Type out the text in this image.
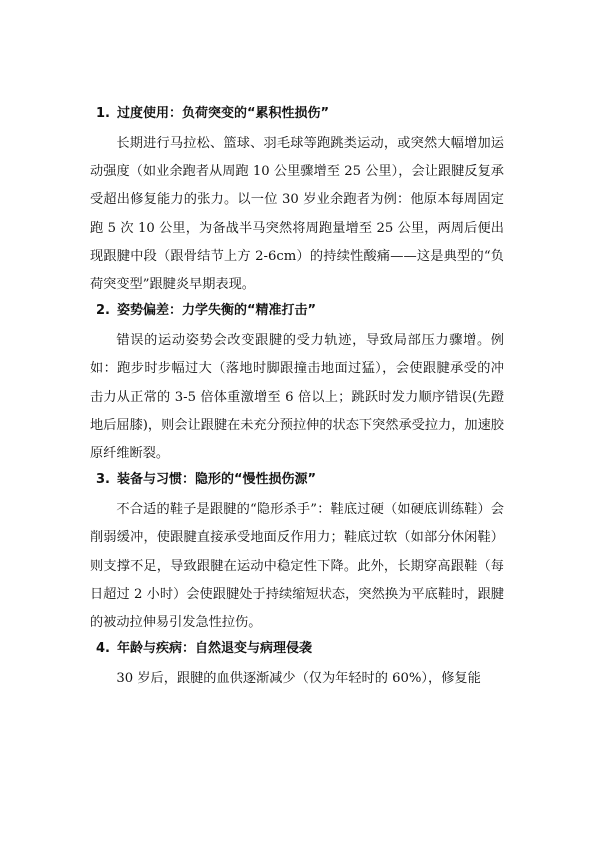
1. 过度使用：负荷突变的“累积性损伤”

长期进行马拉松、篮球、羽毛球等跑跳类运动，或突然大幅增加运动强度（如业余跑者从周跑 10 公里骤增至 25 公里），会让跟腱反复承受超出修复能力的张力。以一位 30 岁业余跑者为例：他原本每周固定跑 5 次 10 公里，为备战半马突然将周跑量增至 25 公里，两周后便出现跟腱中段（跟骨结节上方 2-6cm）的持续性酸痛——这是典型的“负荷突变型”跟腱炎早期表现。

2. 姿势偏差：力学失衡的“精准打击”

错误的运动姿势会改变跟腱的受力轨迹，导致局部压力骤增。例如：跑步时步幅过大（落地时脚跟撞击地面过猛），会使跟腱承受的冲击力从正常的 3-5 倍体重激增至 6 倍以上；跳跃时发力顺序错误(先蹬地后屈膝)，则会让跟腱在未充分预拉伸的状态下突然承受拉力，加速胶原纤维断裂。

3. 装备与习惯：隐形的“慢性损伤源”

不合适的鞋子是跟腱的“隐形杀手”：鞋底过硬（如硬底训练鞋）会削弱缓冲，使跟腱直接承受地面反作用力；鞋底过软（如部分休闲鞋）则支撑不足，导致跟腱在运动中稳定性下降。此外，长期穿高跟鞋（每日超过 2 小时）会使跟腱处于持续缩短状态，突然换为平底鞋时，跟腱的被动拉伸易引发急性拉伤。

4. 年龄与疾病：自然退变与病理侵袭

30 岁后，跟腱的血供逐渐减少（仅为年轻时的 60%），修复能
